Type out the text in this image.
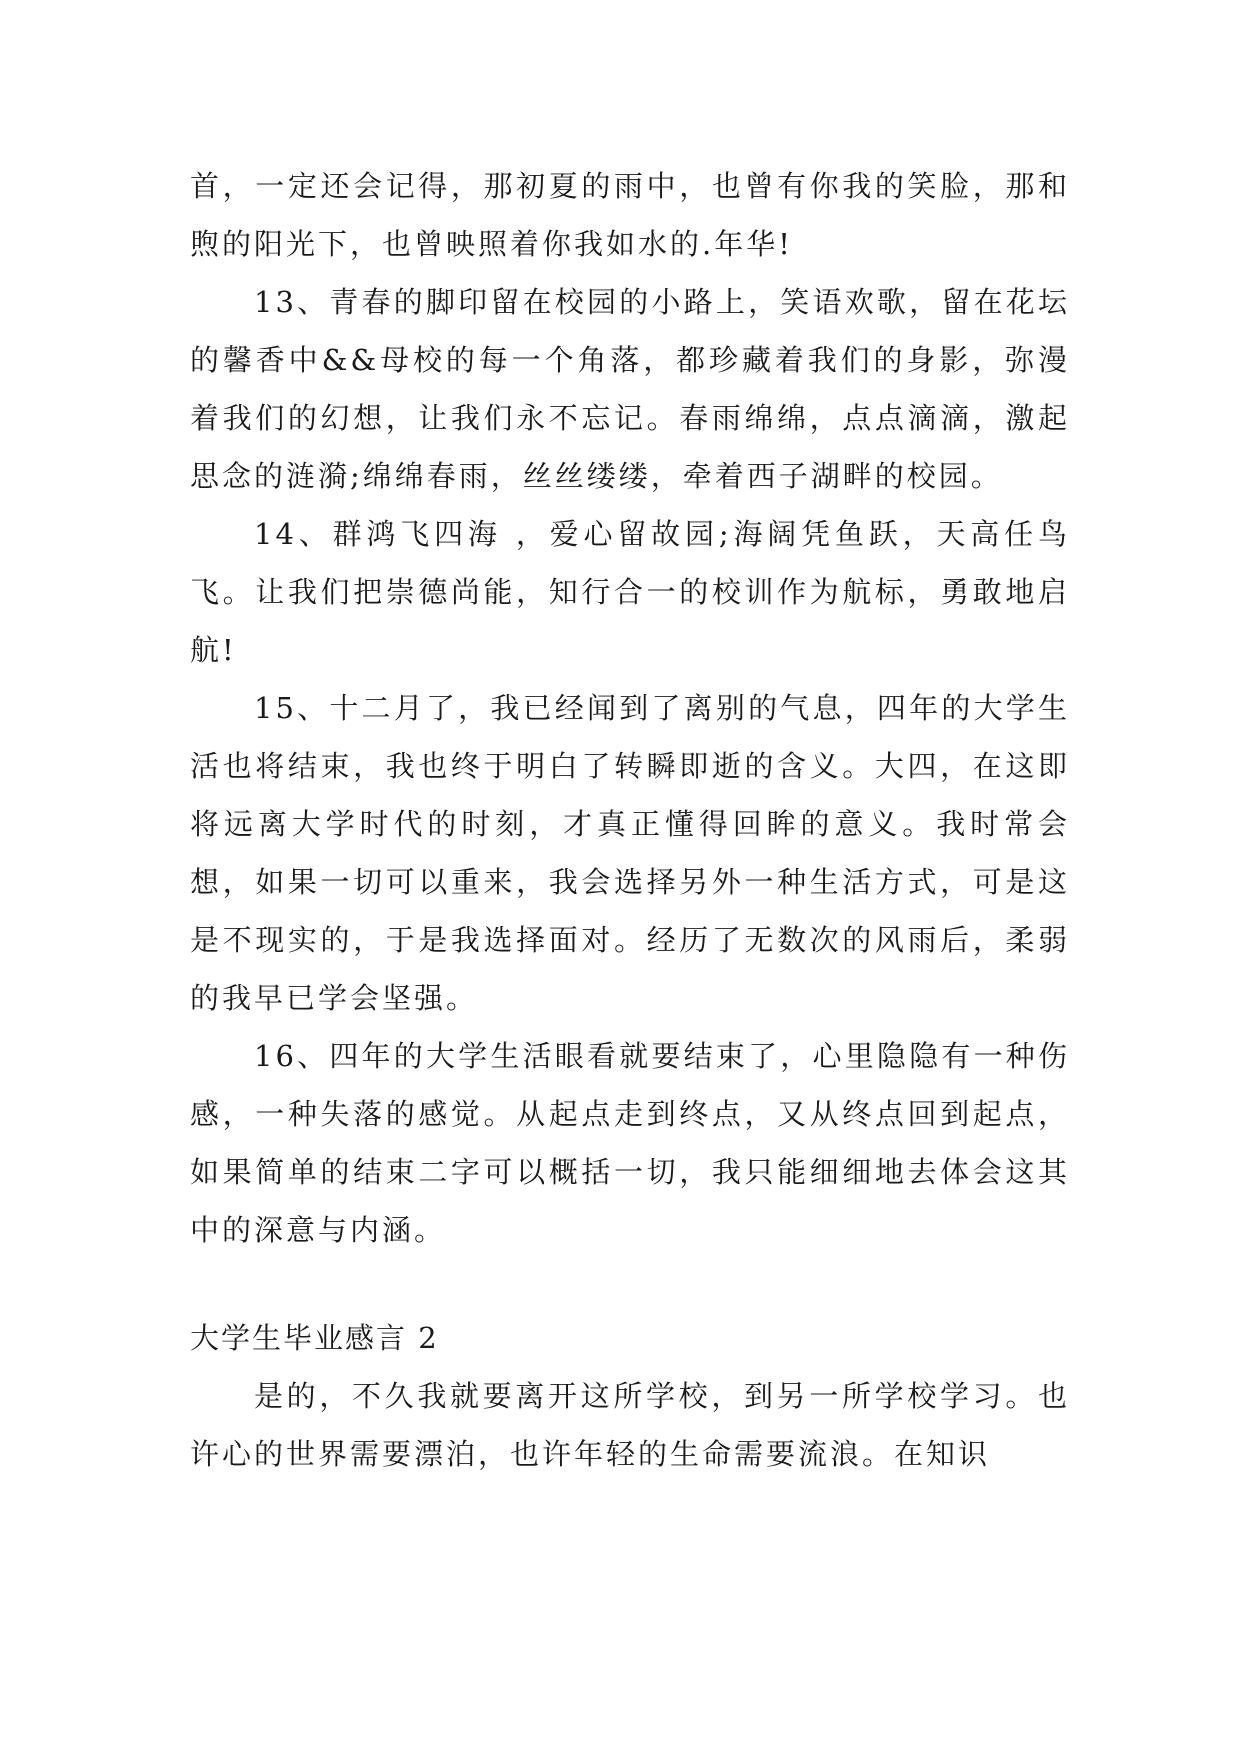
首，一定还会记得，那初夏的雨中，也曾有你我的笑脸，那和煦的阳光下，也曾映照着你我如水的.年华!

13、青春的脚印留在校园的小路上，笑语欢歌，留在花坛的馨香中&&母校的每一个角落，都珍藏着我们的身影，弥漫着我们的幻想，让我们永不忘记。春雨绵绵，点点滴滴，激起思念的涟漪;绵绵春雨，丝丝缕缕，牵着西子湖畔的校园。

14、群鸿飞四海 ，爱心留故园;海阔凭鱼跃，天高任鸟飞。让我们把崇德尚能，知行合一的校训作为航标，勇敢地启航!

15、十二月了，我已经闻到了离别的气息，四年的大学生活也将结束，我也终于明白了转瞬即逝的含义。大四，在这即将远离大学时代的时刻，才真正懂得回眸的意义。我时常会想，如果一切可以重来，我会选择另外一种生活方式，可是这是不现实的，于是我选择面对。经历了无数次的风雨后，柔弱的我早已学会坚强。

16、四年的大学生活眼看就要结束了，心里隐隐有一种伤感，一种失落的感觉。从起点走到终点，又从终点回到起点，如果简单的结束二字可以概括一切，我只能细细地去体会这其中的深意与内涵。

大学生毕业感言 2

是的，不久我就要离开这所学校，到另一所学校学习。也许心的世界需要漂泊，也许年轻的生命需要流浪。在知识
